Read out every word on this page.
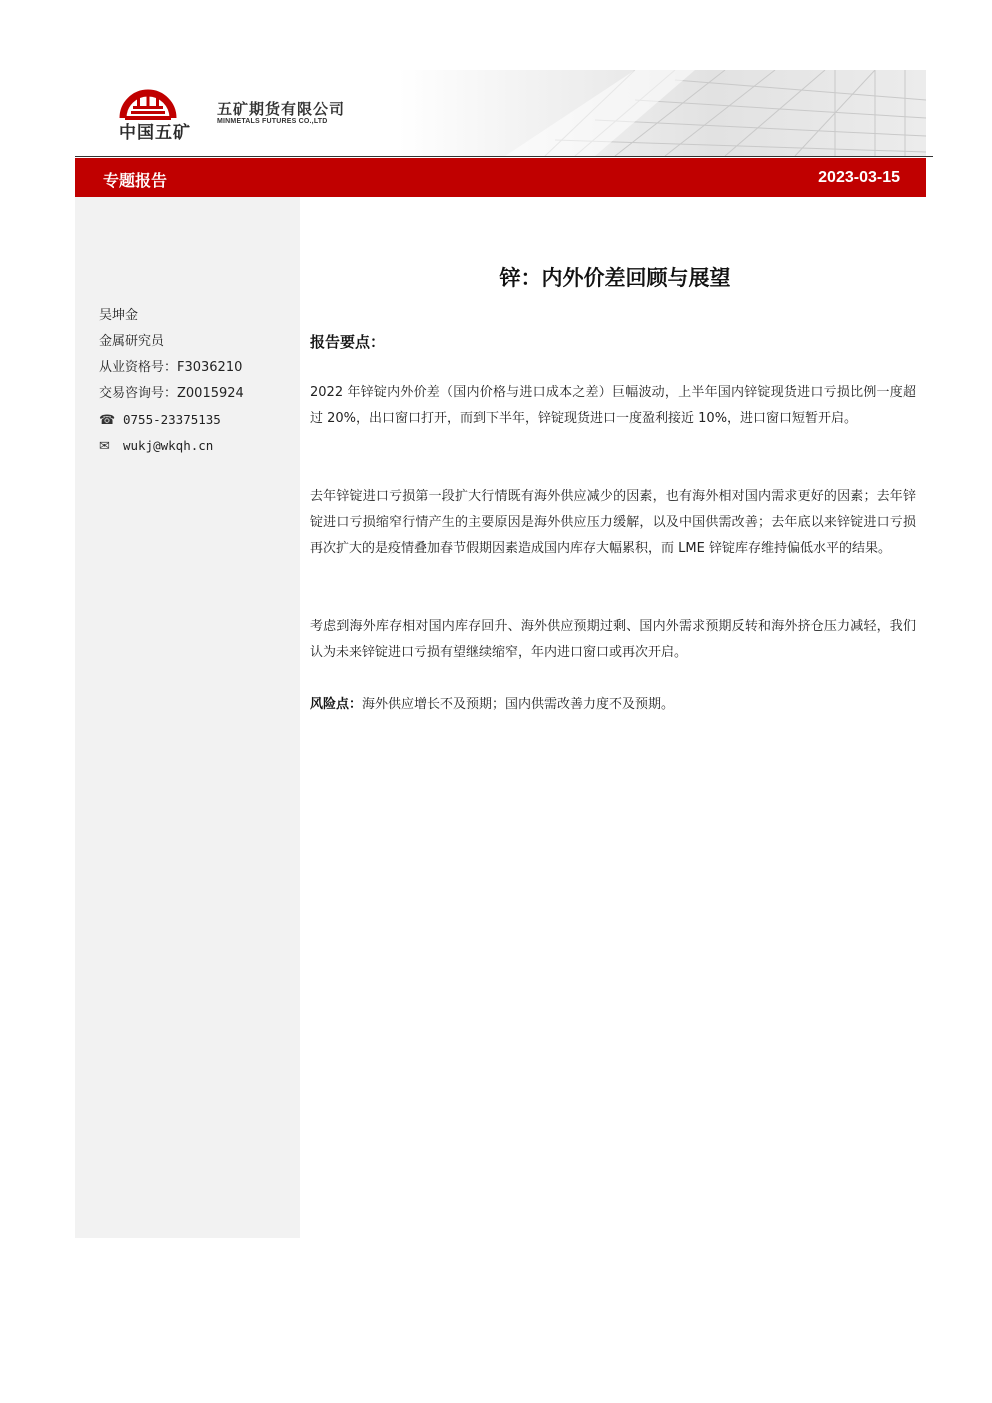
中国五矿
五矿期货有限公司
MINMETALS FUTURES CO.,LTD
专题报告	2023-03-15
吴坤金
金属研究员
从业资格号：F3036210
交易咨询号：Z0015924
☎ 0755-23375135
✉ wukj@wkqh.cn
锌：内外价差回顾与展望
报告要点：

2022 年锌锭内外价差（国内价格与进口成本之差）巨幅波动，上半年国内锌锭现货进口亏损比例一度超过 20%，出口窗口打开，而到下半年，锌锭现货进口一度盈利接近 10%，进口窗口短暂开启。

去年锌锭进口亏损第一段扩大行情既有海外供应减少的因素，也有海外相对国内需求更好的因素；去年锌锭进口亏损缩窄行情产生的主要原因是海外供应压力缓解，以及中国供需改善；去年底以来锌锭进口亏损再次扩大的是疫情叠加春节假期因素造成国内库存大幅累积，而 LME 锌锭库存维持偏低水平的结果。

考虑到海外库存相对国内库存回升、海外供应预期过剩、国内外需求预期反转和海外挤仓压力减轻，我们认为未来锌锭进口亏损有望继续缩窄，年内进口窗口或再次开启。

风险点：海外供应增长不及预期；国内供需改善力度不及预期。
